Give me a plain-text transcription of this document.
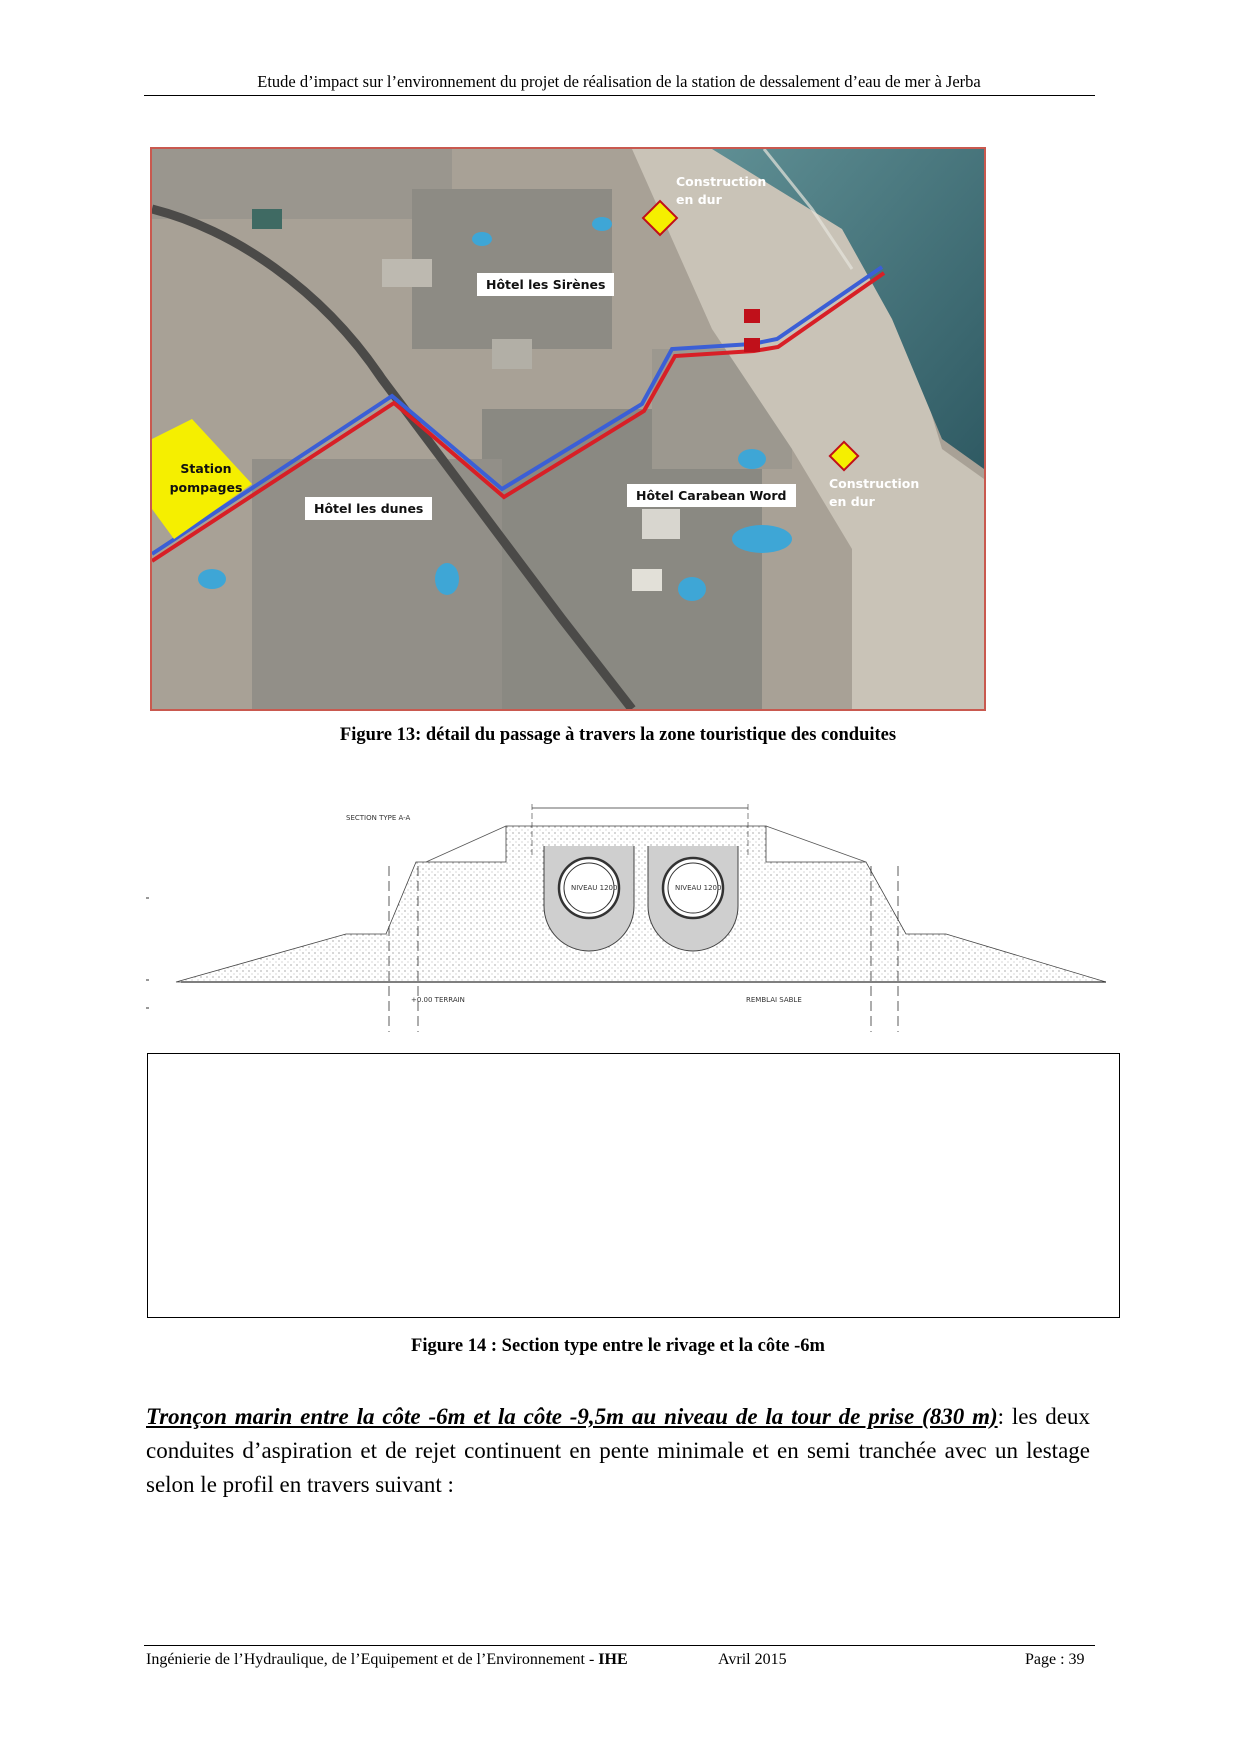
Etude d’impact sur l’environnement du projet de réalisation de la station de dessalement d’eau de mer à Jerba
Construction en dur
Hôtel les Sirènes
Construction en dur
Station pompages
Hôtel les dunes
Hôtel Carabean Word
Figure 13: détail du passage à travers la zone touristique des conduites
SECTION TYPE A-A
NIVEAU 1200	NIVEAU 1200
+0.00 TERRAIN	REMBLAI SABLE
Figure 14 : Section type entre le rivage et la côte -6m
Tronçon marin entre la côte -6m et la côte -9,5m au niveau de la tour de prise (830 m): les deux conduites d’aspiration et de rejet continuent en pente minimale et en semi tranchée avec un lestage selon le profil en travers suivant :
Ingénierie de l’Hydraulique, de l’Equipement et de l’Environnement - IHE	Avril 2015	Page : 39
